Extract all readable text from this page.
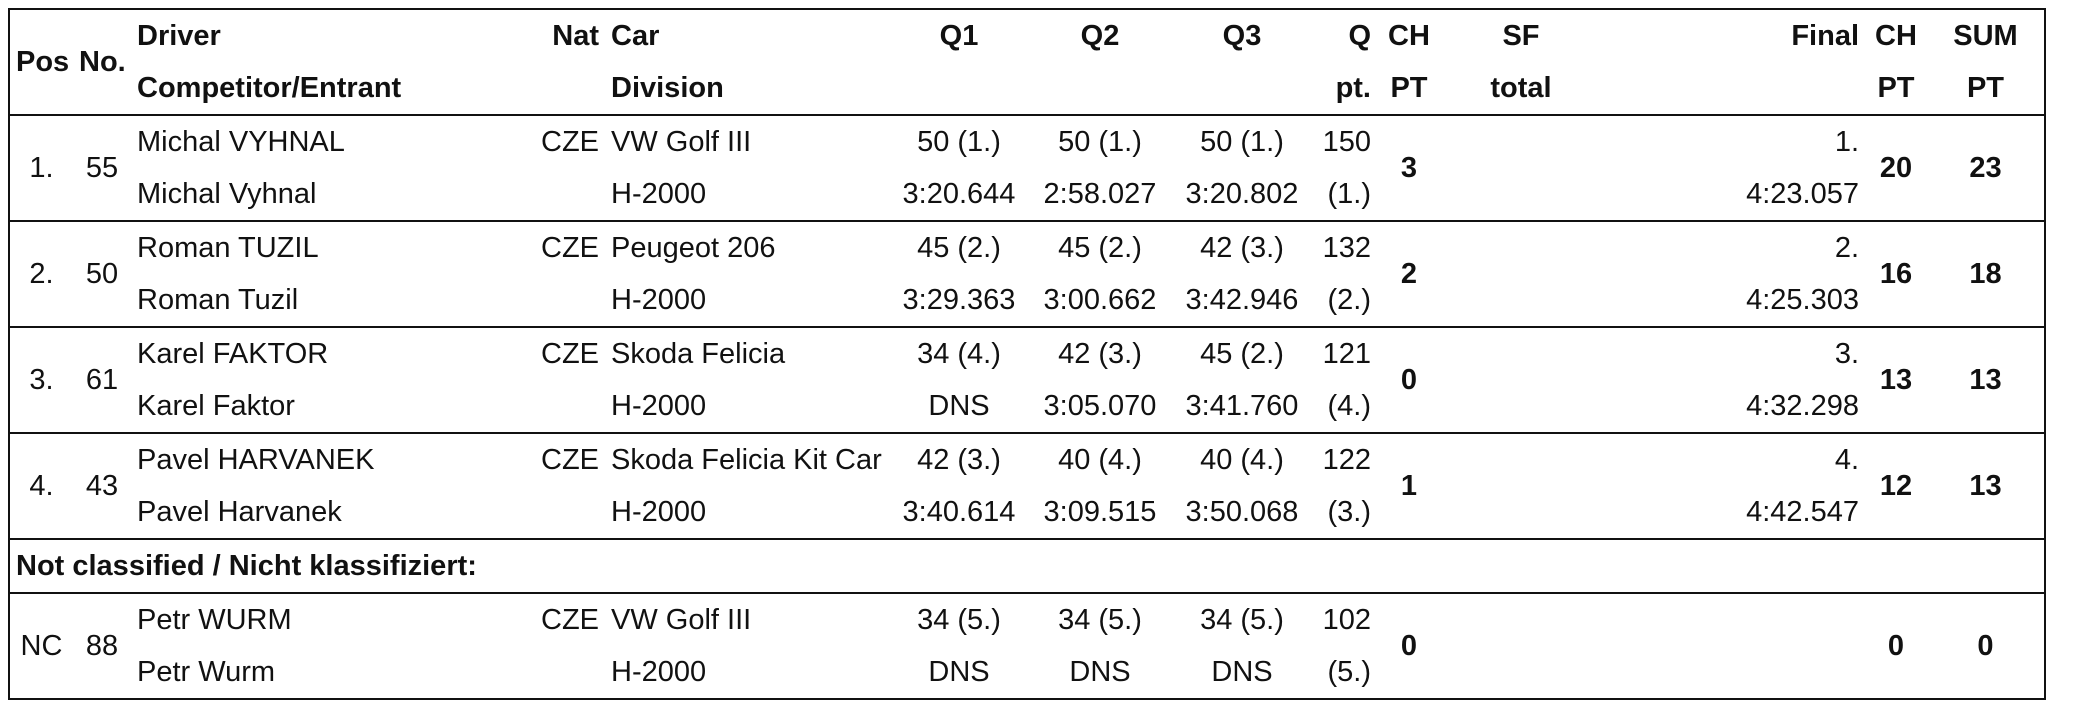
Pos	No.	Driver	Nat	Car	Q1	Q2	Q3	Q	CH	SF	Final	CH	SUM
		Competitor/Entrant		Division				pt.	PT	total		PT	PT
1.	55	Michal VYHNAL	CZE	VW Golf III	50 (1.)	50 (1.)	50 (1.)	150	3		1.	20	23
		Michal Vyhnal		H-2000	3:20.644	2:58.027	3:20.802	(1.)			4:23.057		
2.	50	Roman TUZIL	CZE	Peugeot 206	45 (2.)	45 (2.)	42 (3.)	132	2		2.	16	18
		Roman Tuzil		H-2000	3:29.363	3:00.662	3:42.946	(2.)			4:25.303		
3.	61	Karel FAKTOR	CZE	Skoda Felicia	34 (4.)	42 (3.)	45 (2.)	121	0		3.	13	13
		Karel Faktor		H-2000	DNS	3:05.070	3:41.760	(4.)			4:32.298		
4.	43	Pavel HARVANEK	CZE	Skoda Felicia Kit Car	42 (3.)	40 (4.)	40 (4.)	122	1		4.	12	13
		Pavel Harvanek		H-2000	3:40.614	3:09.515	3:50.068	(3.)			4:42.547		
Not classified / Nicht klassifiziert:													
NC	88	Petr WURM	CZE	VW Golf III	34 (5.)	34 (5.)	34 (5.)	102	0			0	0
		Petr Wurm		H-2000	DNS	DNS	DNS	(5.)					
